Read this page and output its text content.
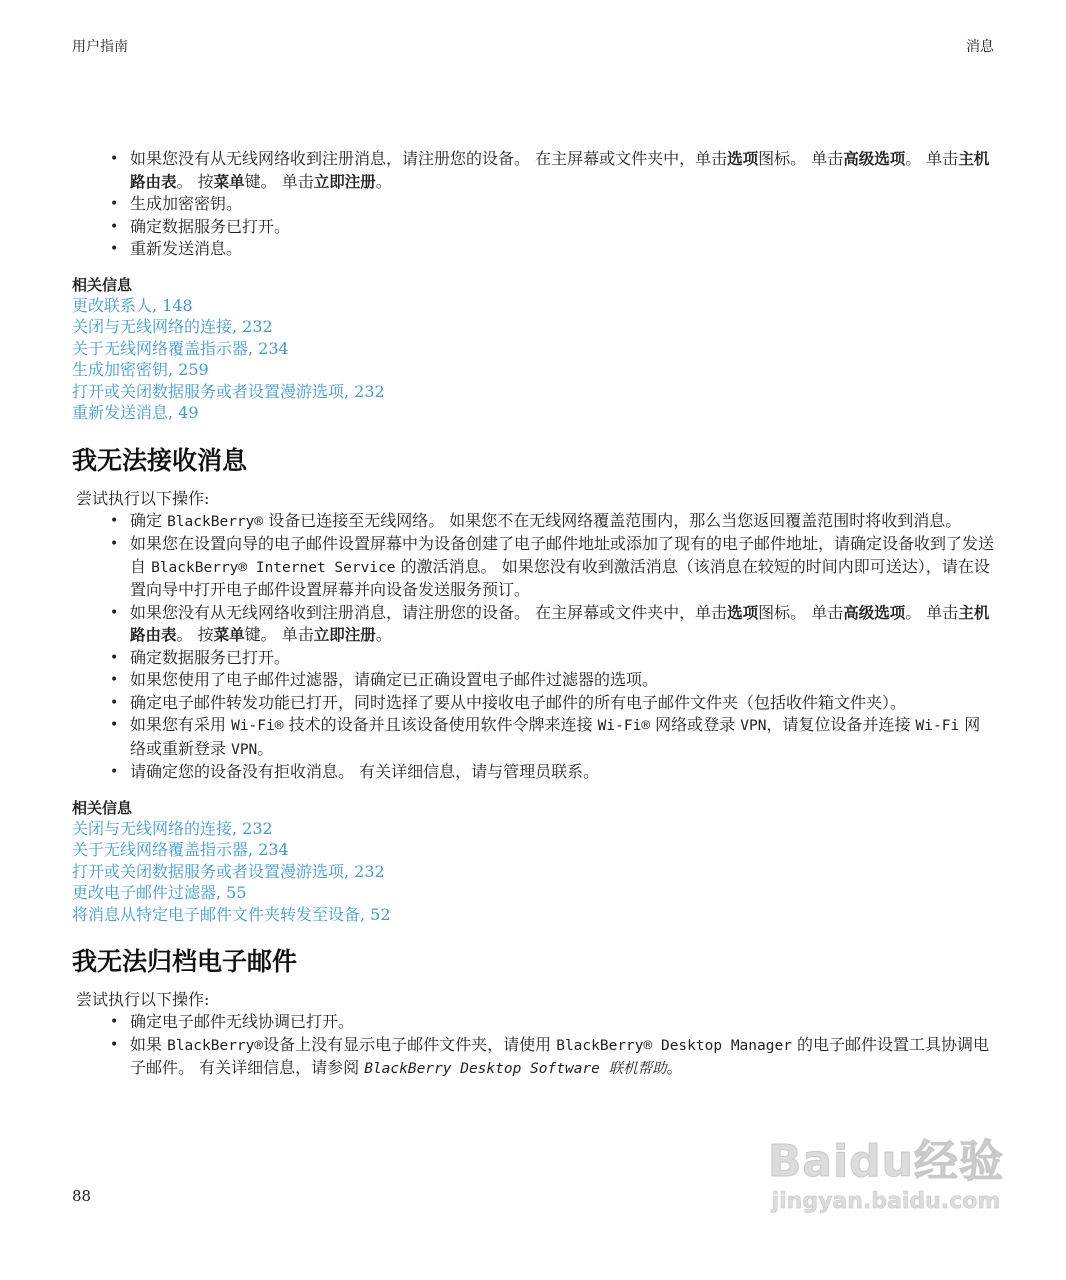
用户指南	消息
• 如果您没有从无线网络收到注册消息，请注册您的设备。 在主屏幕或文件夹中，单击选项图标。 单击高级选项。 单击主机路由表。 按菜单键。 单击立即注册。
• 生成加密密钥。
• 确定数据服务已打开。
• 重新发送消息。
相关信息
更改联系人, 148
关闭与无线网络的连接, 232
关于无线网络覆盖指示器, 234
生成加密密钥, 259
打开或关闭数据服务或者设置漫游选项, 232
重新发送消息, 49
我无法接收消息
尝试执行以下操作:
• 确定 BlackBerry® 设备已连接至无线网络。 如果您不在无线网络覆盖范围内，那么当您返回覆盖范围时将收到消息。
• 如果您在设置向导的电子邮件设置屏幕中为设备创建了电子邮件地址或添加了现有的电子邮件地址，请确定设备收到了发送自 BlackBerry® Internet Service 的激活消息。 如果您没有收到激活消息（该消息在较短的时间内即可送达），请在设置向导中打开电子邮件设置屏幕并向设备发送服务预订。
• 如果您没有从无线网络收到注册消息，请注册您的设备。 在主屏幕或文件夹中，单击选项图标。 单击高级选项。 单击主机路由表。 按菜单键。 单击立即注册。
• 确定数据服务已打开。
• 如果您使用了电子邮件过滤器，请确定已正确设置电子邮件过滤器的选项。
• 确定电子邮件转发功能已打开，同时选择了要从中接收电子邮件的所有电子邮件文件夹（包括收件箱文件夹）。
• 如果您有采用 Wi-Fi® 技术的设备并且该设备使用软件令牌来连接 Wi-Fi® 网络或登录 VPN，请复位设备并连接 Wi-Fi 网络或重新登录 VPN。
• 请确定您的设备没有拒收消息。 有关详细信息，请与管理员联系。
相关信息
关闭与无线网络的连接, 232
关于无线网络覆盖指示器, 234
打开或关闭数据服务或者设置漫游选项, 232
更改电子邮件过滤器, 55
将消息从特定电子邮件文件夹转发至设备, 52
我无法归档电子邮件
尝试执行以下操作:
• 确定电子邮件无线协调已打开。
• 如果 BlackBerry®设备上没有显示电子邮件文件夹，请使用 BlackBerry® Desktop Manager 的电子邮件设置工具协调电子邮件。 有关详细信息，请参阅 BlackBerry Desktop Software 联机帮助。
88
Baidu经验
jingyan.baidu.com
